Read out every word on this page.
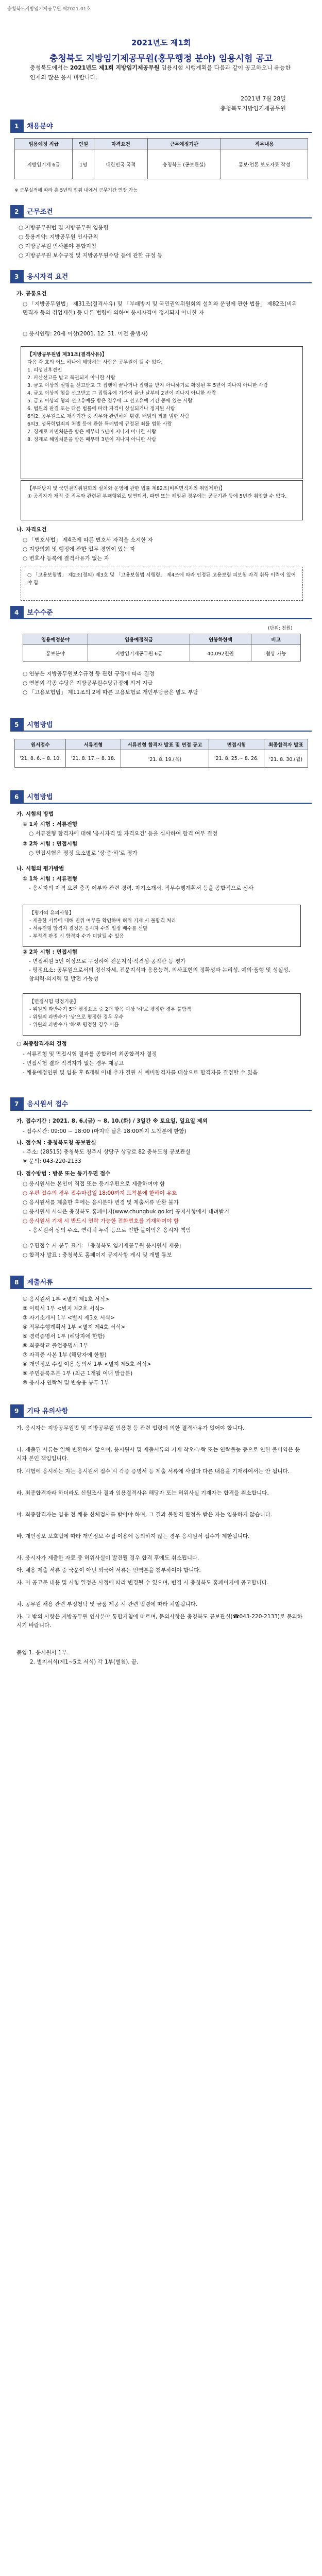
충청북도지방임기제공무원 제2021-01호
2021년도 제1회
충청북도 지방임기제공무원(홍무행정 분야) 임용시험 공고
충청북도에서는 2021년도 제1회 지방임기제공무원 임용시험 시행계획을 다음과 같이 공고하오니 유능한 인재의 많은 응시 바랍니다.
2021년 7월 28일
충청북도지방임기제공무원
1 채용분야
임용예정 직급	인원	자격요건	근무예정기관	직무내용
지방임기제 6급	1명	대한민국 국적	충청북도 (공보관실)	홍보·언론 보도자료 작성
※ 근무실적에 따라 총 5년의 범위 내에서 근무기간 연장 가능
2 근무조건
○ 지방공무원법 및 지방공무원 임용령
○ 등용계약: 지방공무원 인사규칙
○ 지방공무원 인사분야 통합지침
○ 지방공무원 보수규정 및 지방공무원수당 등에 관한 규정 등
3 응시자격 요건
가. 공통요건
○ 「지방공무원법」 제31조(결격사유) 및 「부패방지 및 국민권익위원회의 설치와 운영에 관한 법률」 제82조(비위면직자 등의 취업제한) 등 다른 법령에 의하여 응시자격이 정지되지 아니한 자
○ 응시연령: 20세 이상(2001. 12. 31. 이전 출생자)
【지방공무원법 제31조(결격사유)】
다음 각 호의 어느 하나에 해당하는 사람은 공무원이 될 수 없다.
1. 피성년후견인
2. 파산선고를 받고 복권되지 아니한 사람
3. 금고 이상의 실형을 선고받고 그 집행이 끝나거나 집행을 받지 아니하기로 확정된 후 5년이 지나지 아니한 사람
4. 금고 이상의 형을 선고받고 그 집행유예 기간이 끝난 날부터 2년이 지나지 아니한 사람
5. 금고 이상의 형의 선고유예를 받은 경우에 그 선고유예 기간 중에 있는 사람
6. 법원의 판결 또는 다른 법률에 따라 자격이 상실되거나 정지된 사람
6의2. 공무원으로 재직기간 중 직무와 관련하여 횡령, 배임의 죄를 범한 사람
6의3. 성폭력범죄의 처벌 등에 관한 특례법에 규정된 죄를 범한 사람
7. 징계로 파면처분을 받은 때부터 5년이 지나지 아니한 사람
8. 징계로 해임처분을 받은 때부터 3년이 지나지 아니한 사람
【부패방지 및 국민권익위원회의 설치와 운영에 관한 법률 제82조(비위면직자의 취업제한)】
① 공직자가 재직 중 직무와 관련된 부패행위로 당연퇴직, 파면 또는 해임된 경우에는 공공기관 등에 5년간 취업할 수 없다.
나. 자격요건
○ 「변호사법」 제4조에 따른 변호사 자격을 소지한 자
○ 지방의회 및 행정에 관한 업무 경험이 있는 자
○ 변호사 등록에 결격사유가 없는 자
○ 「고용보험법」 제2조(정의) 제3호 및 「고용보험법 시행령」 제4조에 따라 인정된 고용보험 피보험 자격 취득 이력이 있어야 함
4 보수수준
(단위: 천원)
임용예정분야	임용예정직급	연봉하한액	비고
홍보분야	지방임기제공무원 6급	40,092천원	협상 가능
○ 연봉은 지방공무원보수규정 등 관련 규정에 따라 결정
○ 연봉외 각종 수당은 지방공무원수당규정에 의거 지급
○ 「고용보험법」 제11조의 2에 따른 고용보험료 개인부담금은 별도 부담
5 시험방법
원서접수	서류전형	서류전형 합격자 발표 및 면접 공고	면접시험	최종합격자 발표
'21. 8. 6.~ 8. 10.	'21. 8. 17.~ 8. 18.	'21. 8. 19.(목)	'21. 8. 25.~ 8. 26.	'21. 8. 30.(월)
6 시험방법
가. 시험의 방법
① 1차 시험 : 서류전형
○ 서류전형 합격자에 대해 '응시자격 및 자격요건' 등을 심사하여 합격 여부 결정
② 2차 시험 : 면접시험
○ 면접시험은 평정 요소별로 '상·중·하'로 평가
나. 시험의 평가방법
① 1차 시험 : 서류전형
- 응시자의 자격 요건 충족 여부와 관련 경력, 자기소개서, 직무수행계획서 등을 종합적으로 심사
【평가의 유의사항】
- 제출한 서류에 대해 진위 여부를 확인하며 허위 기재 시 불합격 처리
- 서류전형 합격자 결정은 응시자 수의 일정 배수를 선발
- 부적격 판정 시 합격자 수가 미달될 수 있음
② 2차 시험 : 면접시험
- 면접위원 5인 이상으로 구성하여 전문지식·적격성·공직관 등 평가
- 평정요소: 공무원으로서의 정신자세, 전문지식과 응용능력, 의사표현의 정확성과 논리성, 예의·품행 및 성실성, 창의력·의지력 및 발전 가능성
【면접시험 평정기준】
- 위원의 과반수가 5개 평정요소 중 2개 항목 이상 '하'로 평정한 경우 불합격
- 위원의 과반수가 '상'으로 평정한 경우 우수
- 위원의 과반수가 '하'로 평정한 경우 미흡
○ 최종합격자의 결정
- 서류전형 및 면접시험 결과를 종합하여 최종합격자 결정
- 면접시험 결과 적격자가 없는 경우 재공고
- 채용예정인원 및 임용 후 6개월 이내 추가 결원 시 예비합격자를 대상으로 합격자를 결정할 수 있음
7 응시원서 접수
가. 접수기간 : 2021. 8. 6.(금) ~ 8. 10.(화) / 3일간 ※ 토요일, 일요일 제외
- 접수시간: 09:00 ~ 18:00 (마지막 날은 18:00까지 도착분에 한함)
나. 접수처 : 충청북도청 공보관실
- 주소: (28515) 충청북도 청주시 상당구 상당로 82 충북도청 공보관실
※ 문의: 043-220-2133
다. 접수방법 : 방문 또는 등기우편 접수
○ 응시원서는 본인이 직접 또는 등기우편으로 제출하여야 함
○ 우편 접수의 경우 접수마감일 18:00까지 도착분에 한하여 유효
○ 응시원서를 제출한 후에는 응시분야 변경 및 제출서류 반환 불가
○ 응시원서 서식은 충청북도 홈페이지(www.chungbuk.go.kr) 공지사항에서 내려받기
○ 응시원서 기재 시 반드시 연락 가능한 전화번호를 기재하여야 함
- 응시원서 상의 주소, 연락처 누락 등으로 인한 불이익은 응시자 책임
○ 우편접수 시 봉투 표기: 「충청북도 임기제공무원 응시원서 재중」
○ 합격자 발표 : 충청북도 홈페이지 공지사항 게시 및 개별 통보
8 제출서류
① 응시원서 1부 <별지 제1호 서식>
② 이력서 1부 <별지 제2호 서식>
③ 자기소개서 1부 <별지 제3호 서식>
④ 직무수행계획서 1부 <별지 제4호 서식>
⑤ 경력증명서 1부 (해당자에 한함)
⑥ 최종학교 졸업증명서 1부
⑦ 자격증 사본 1부 (해당자에 한함)
⑧ 개인정보 수집·이용 동의서 1부 <별지 제5호 서식>
⑨ 주민등록초본 1부 (최근 1개월 이내 발급분)
⑩ 응시자 연락처 및 반송용 봉투 1부
9 기타 유의사항
가. 응시자는 지방공무원법 및 지방공무원 임용령 등 관련 법령에 의한 결격사유가 없어야 합니다.
나. 제출된 서류는 일체 반환하지 않으며, 응시원서 및 제출서류의 기재 착오·누락 또는 연락불능 등으로 인한 불이익은 응시자 본인 책임입니다.
다. 시험에 응시하는 자는 응시원서 접수 시 각종 증명서 등 제출 서류에 사실과 다른 내용을 기재하여서는 안 됩니다.
라. 최종합격자라 하더라도 신원조사 결과 임용결격사유 해당자 또는 허위사실 기재자는 합격을 취소합니다.
마. 최종합격자는 임용 전 채용 신체검사를 받아야 하며, 그 결과 불합격 판정을 받은 자는 임용하지 않습니다.
바. 개인정보 보호법에 따라 개인정보 수집·이용에 동의하지 않는 경우 응시원서 접수가 제한됩니다.
사. 응시자가 제출한 자료 중 허위사실이 발견될 경우 합격 후에도 취소됩니다.
아. 채용 제출 서류 중 국문이 아닌 외국어 서류는 번역본을 첨부하여야 합니다.
자. 이 공고문 내용 및 시험 일정은 사정에 따라 변경될 수 있으며, 변경 시 충청북도 홈페이지에 공고합니다.
차. 공무원 채용 관련 부정청탁 및 금품 제공 시 관련 법령에 따라 처벌됩니다.
카. 그 밖의 사항은 지방공무원 인사분야 통합지침에 따르며, 문의사항은 충청북도 공보관실(☎043-220-2133)로 문의하시기 바랍니다.
붙임 1. 응시원서 1부.
2. 별지서식(제1~5호 서식) 각 1부(별첨). 끝.
